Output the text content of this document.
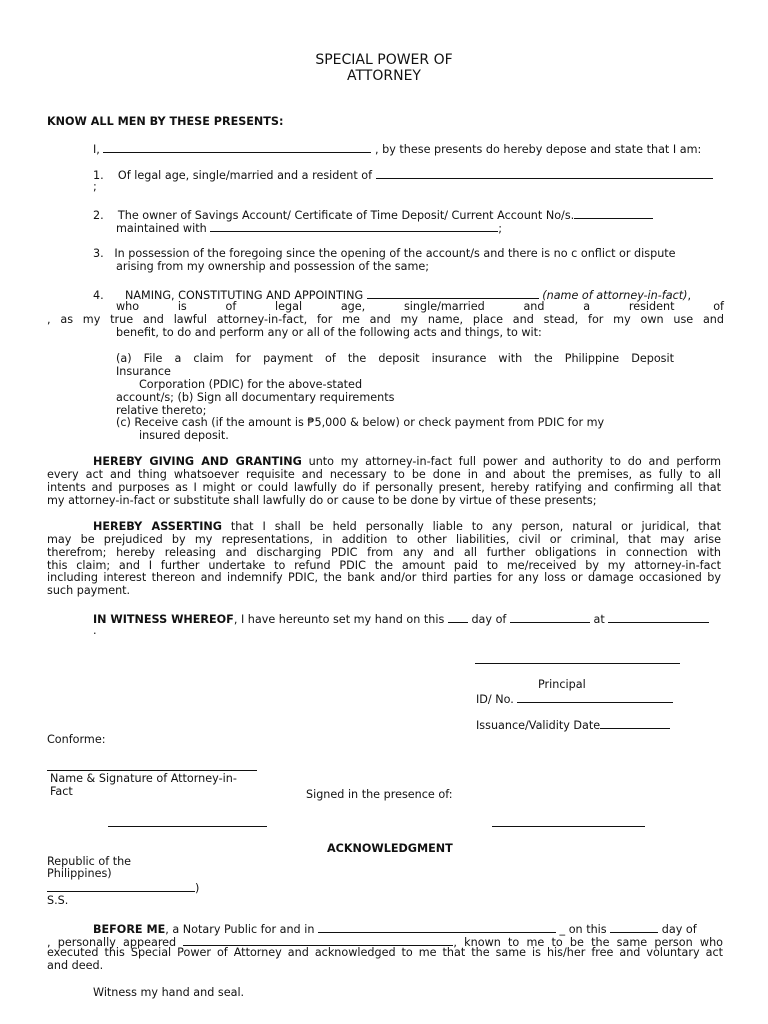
SPECIAL POWER OF
ATTORNEY
KNOW ALL MEN BY THESE PRESENTS:
I,	, by these presents do hereby depose and state that I am:
1. Of legal age, single/married and a resident of
;
2. The owner of Savings Account/ Certificate of Time Deposit/ Current Account No/s.
maintained with	;
3. In possession of the foregoing since the opening of the account/s and there is no c onflict or dispute
arising from my ownership and possession of the same;
4. NAMING, CONSTITUTING AND APPOINTING	(name of attorney-in-fact),
who is of legal age, single/married and a resident of
, as my true and lawful attorney-in-fact, for me and my name, place and stead, for my own use and
benefit, to do and perform any or all of the following acts and things, to wit:
(a) File a claim for payment of the deposit insurance with the Philippine Deposit
Insurance
Corporation (PDIC) for the above-stated
account/s; (b) Sign all documentary requirements
relative thereto;
(c) Receive cash (if the amount is ₱5,000 & below) or check payment from PDIC for my
insured deposit.
HEREBY GIVING AND GRANTING unto my attorney-in-fact full power and authority to do and perform
every act and thing whatsoever requisite and necessary to be done in and about the premises, as fully to all
intents and purposes as I might or could lawfully do if personally present, hereby ratifying and confirming all that
my attorney-in-fact or substitute shall lawfully do or cause to be done by virtue of these presents;
HEREBY ASSERTING that I shall be held personally liable to any person, natural or juridical, that
may be prejudiced by my representations, in addition to other liabilities, civil or criminal, that may arise
therefrom; hereby releasing and discharging PDIC from any and all further obligations in connection with
this claim; and I further undertake to refund PDIC the amount paid to me/received by my attorney-in-fact
including interest thereon and indemnify PDIC, the bank and/or third parties for any loss or damage occasioned by
such payment.
IN WITNESS WHEREOF, I have hereunto set my hand on this day of	at
.
Principal
ID/ No.
Issuance/Validity Date
Conforme:
Name & Signature of Attorney-in-
Fact	Signed in the presence of:
ACKNOWLEDGMENT
Republic of the
Philippines)
)
S.S.
BEFORE ME, a Notary Public for and in	_ on this	day of
, personally appeared	, known to me to be the same person who
executed this Special Power of Attorney and acknowledged to me that the same is his/her free and voluntary act
and deed.
Witness my hand and seal.
